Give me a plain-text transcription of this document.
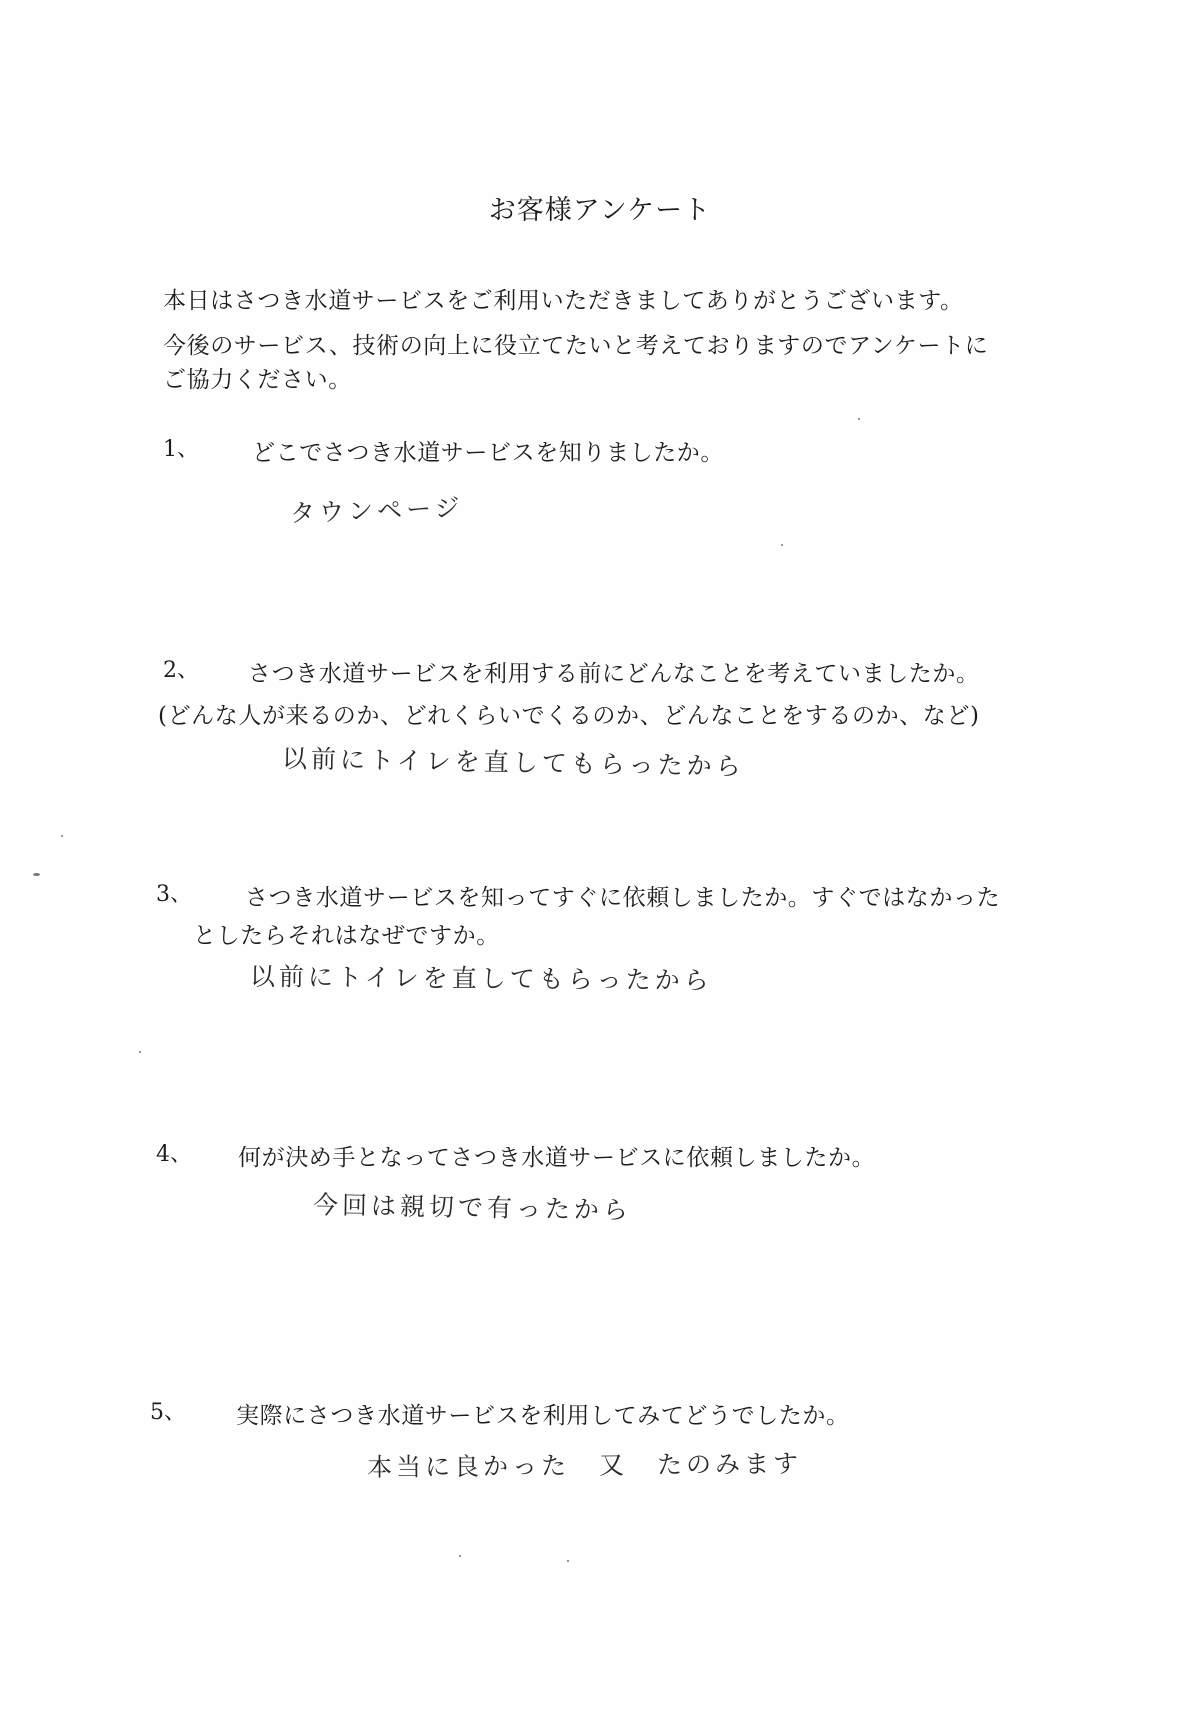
お客様アンケート
本日はさつき水道サービスをご利用いただきましてありがとうございます。
今後のサービス、技術の向上に役立てたいと考えておりますのでアンケートに
ご協力ください。
1、 どこでさつき水道サービスを知りましたか。
タウンページ
2、 さつき水道サービスを利用する前にどんなことを考えていましたか。
(どんな人が来るのか、どれくらいでくるのか、どんなことをするのか、など)
以前にトイレを直してもらったから
3、 さつき水道サービスを知ってすぐに依頼しましたか。すぐではなかった
としたらそれはなぜですか。
以前にトイレを直してもらったから
4、 何が決め手となってさつき水道サービスに依頼しましたか。
今回は親切で有ったから
5、 実際にさつき水道サービスを利用してみてどうでしたか。
本当に良かった　又　たのみます
